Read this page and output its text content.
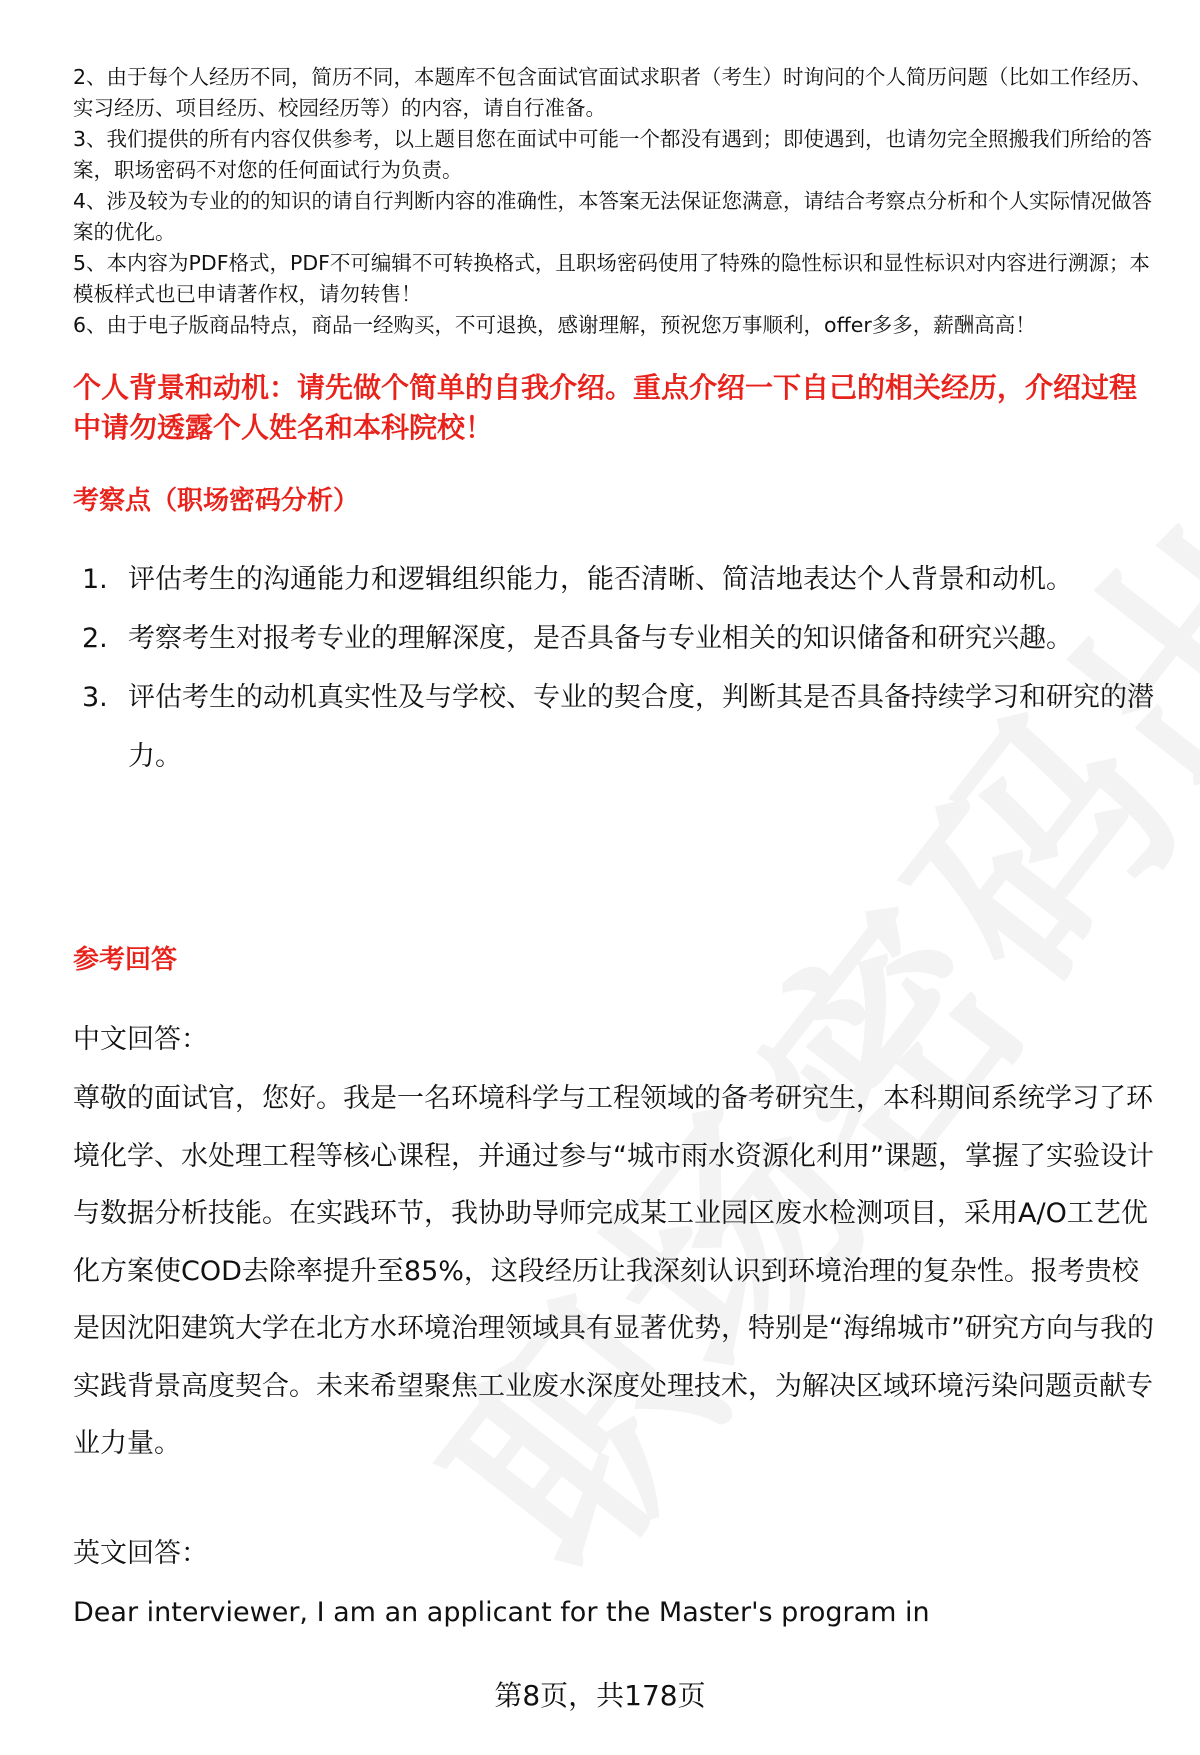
2、由于每个人经历不同，简历不同，本题库不包含面试官面试求职者（考生）时询问的个人简历问题（比如工作经历、实习经历、项目经历、校园经历等）的内容，请自行准备。

3、我们提供的所有内容仅供参考，以上题目您在面试中可能一个都没有遇到；即使遇到，也请勿完全照搬我们所给的答案，职场密码不对您的任何面试行为负责。

4、涉及较为专业的的知识的请自行判断内容的准确性，本答案无法保证您满意，请结合考察点分析和个人实际情况做答案的优化。

5、本内容为PDF格式，PDF不可编辑不可转换格式，且职场密码使用了特殊的隐性标识和显性标识对内容进行溯源；本模板样式也已申请著作权，请勿转售！

6、由于电子版商品特点，商品一经购买，不可退换，感谢理解，预祝您万事顺利，offer多多，薪酬高高！

个人背景和动机：请先做个简单的自我介绍。重点介绍一下自己的相关经历，介绍过程中请勿透露个人姓名和本科院校！
考察点（职场密码分析）
1. 评估考生的沟通能力和逻辑组织能力，能否清晰、简洁地表达个人背景和动机。
2. 考察考生对报考专业的理解深度，是否具备与专业相关的知识储备和研究兴趣。
3. 评估考生的动机真实性及与学校、专业的契合度，判断其是否具备持续学习和研究的潜力。
参考回答

中文回答：

尊敬的面试官，您好。我是一名环境科学与工程领域的备考研究生，本科期间系统学习了环境化学、水处理工程等核心课程，并通过参与“城市雨水资源化利用”课题，掌握了实验设计与数据分析技能。在实践环节，我协助导师完成某工业园区废水检测项目，采用A/O工艺优化方案使COD去除率提升至85%，这段经历让我深刻认识到环境治理的复杂性。报考贵校是因沈阳建筑大学在北方水环境治理领域具有显著优势，特别是“海绵城市”研究方向与我的实践背景高度契合。未来希望聚焦工业废水深度处理技术，为解决区域环境污染问题贡献专业力量。

英文回答：

Dear interviewer, I am an applicant for the Master's program in

第8页，共178页
